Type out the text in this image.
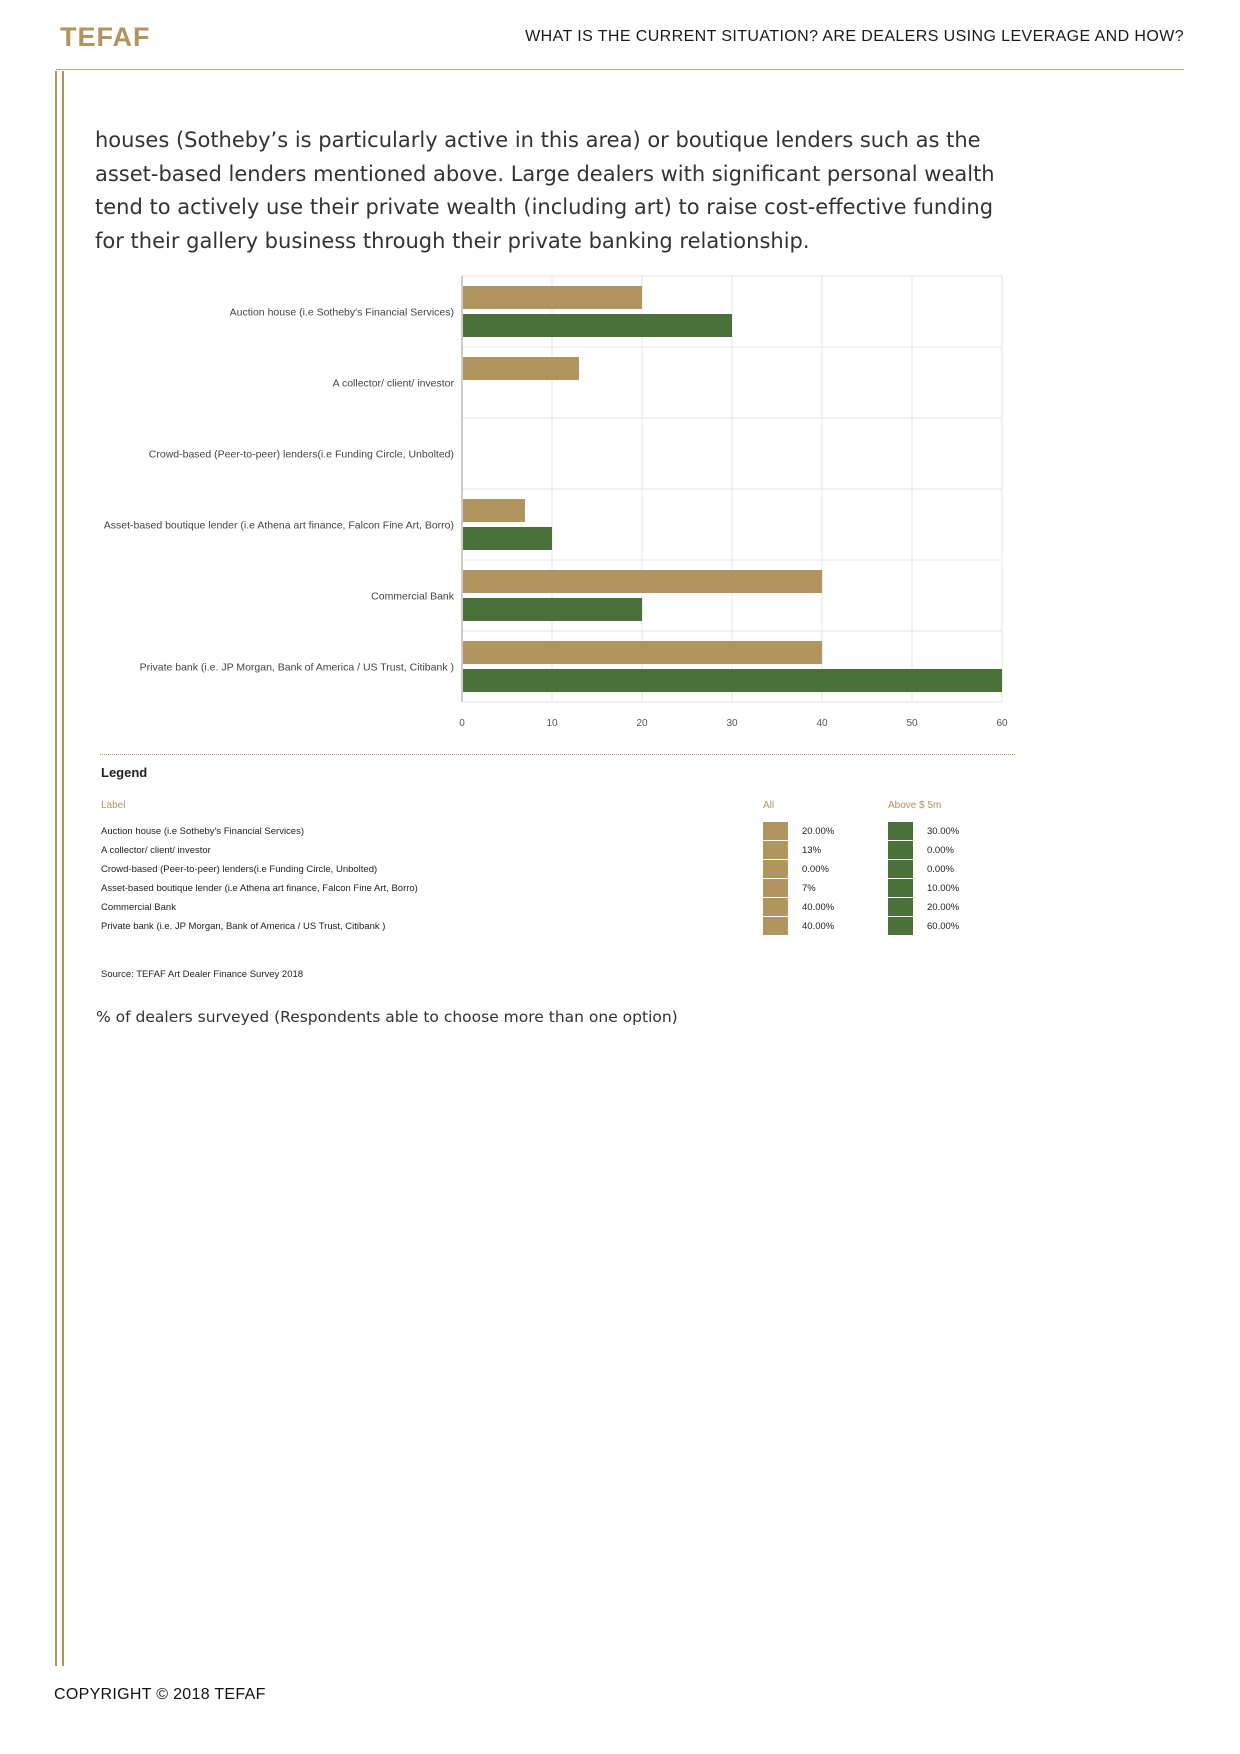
TEFAF	WHAT IS THE CURRENT SITUATION? ARE DEALERS USING LEVERAGE AND HOW?

houses (Sotheby’s is particularly active in this area) or boutique lenders such as the asset-based lenders mentioned above. Large dealers with significant personal wealth tend to actively use their private wealth (including art) to raise cost-effective funding for their gallery business through their private banking relationship.

0	10	20	30	40	50	60
Auction house (i.e Sotheby's Financial Services)
A collector/ client/ investor
Crowd-based (Peer-to-peer) lenders(i.e Funding Circle, Unbolted)
Asset-based boutique lender (i.e Athena art finance, Falcon Fine Art, Borro)
Commercial Bank
Private bank (i.e. JP Morgan, Bank of America / US Trust, Citibank )
Legend
Label	All	Above $ 5m
Auction house (i.e Sotheby's Financial Services)	20.00%	30.00%
A collector/ client/ investor	13%	0.00%
Crowd-based (Peer-to-peer) lenders(i.e Funding Circle, Unbolted)	0.00%	0.00%
Asset-based boutique lender (i.e Athena art finance, Falcon Fine Art, Borro)	7%	10.00%
Commercial Bank	40.00%	20.00%
Private bank (i.e. JP Morgan, Bank of America / US Trust, Citibank )	40.00%	60.00%
Source: TEFAF Art Dealer Finance Survey 2018
% of dealers surveyed (Respondents able to choose more than one option)
COPYRIGHT © 2018 TEFAF
